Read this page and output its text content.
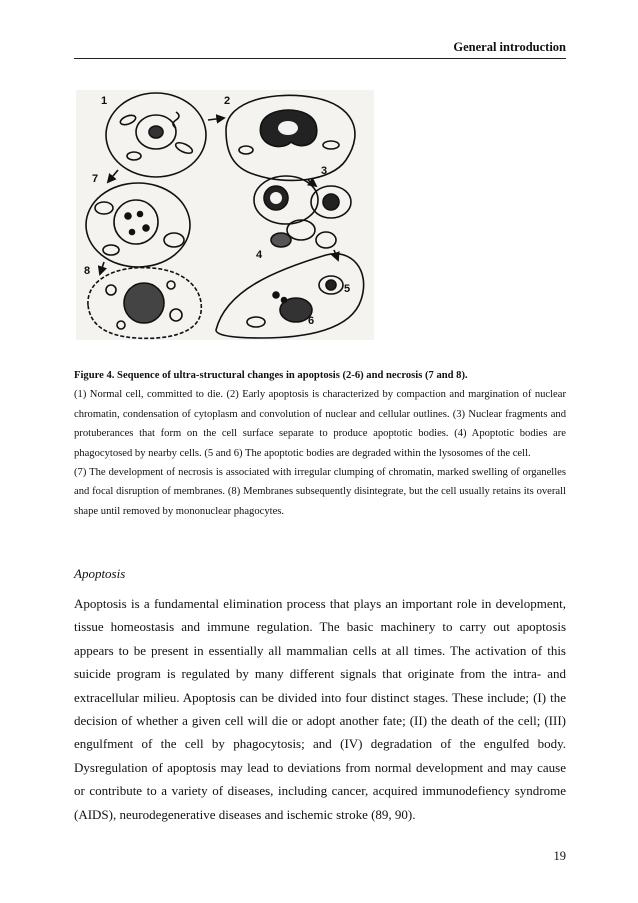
General introduction
1	2
3
4
5
6
7
8

Figure 4. Sequence of ultra-structural changes in apoptosis (2-6) and necrosis (7 and 8).

(1) Normal cell, committed to die. (2) Early apoptosis is characterized by compaction and margination of nuclear chromatin, condensation of cytoplasm and convolution of nuclear and cellular outlines. (3) Nuclear fragments and protuberances that form on the cell surface separate to produce apoptotic bodies. (4) Apoptotic bodies are phagocytosed by nearby cells. (5 and 6) The apoptotic bodies are degraded within the lysosomes of the cell.

(7) The development of necrosis is associated with irregular clumping of chromatin, marked swelling of organelles and focal disruption of membranes. (8) Membranes subsequently disintegrate, but the cell usually retains its overall shape until removed by mononuclear phagocytes.

Apoptosis
Apoptosis is a fundamental elimination process that plays an important role in development, tissue homeostasis and immune regulation. The basic machinery to carry out apoptosis appears to be present in essentially all mammalian cells at all times. The activation of this suicide program is regulated by many different signals that originate from the intra- and extracellular milieu. Apoptosis can be divided into four distinct stages. These include; (I) the decision of whether a given cell will die or adopt another fate; (II) the death of the cell; (III) engulfment of the cell by phagocytosis; and (IV) degradation of the engulfed body. Dysregulation of apoptosis may lead to deviations from normal development and may cause or contribute to a variety of diseases, including cancer, acquired immunodefiency syndrome (AIDS), neurodegenerative diseases and ischemic stroke (89, 90).
19
